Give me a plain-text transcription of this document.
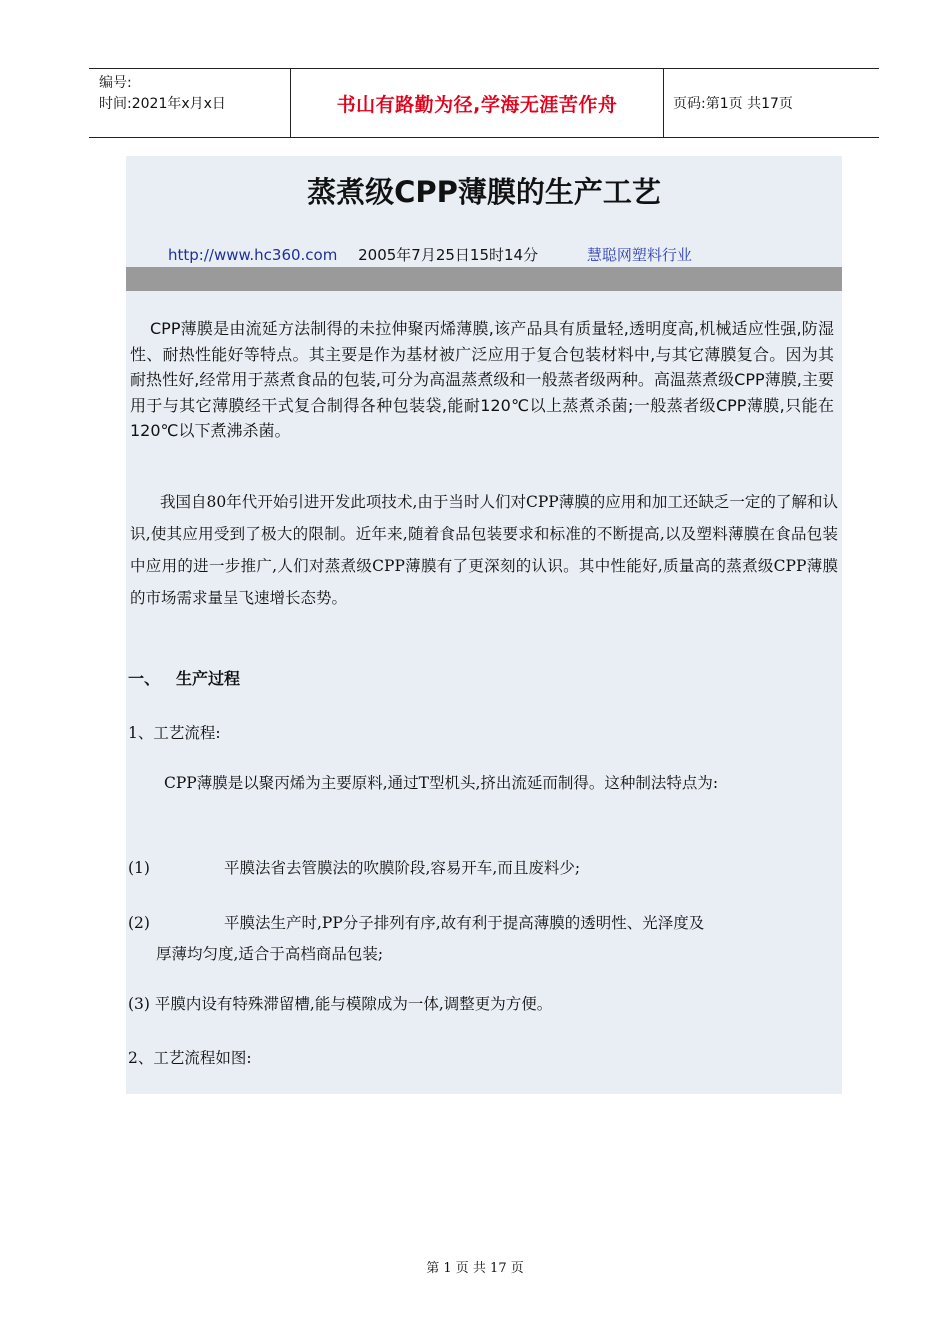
编号:
时间:2021年x月x日	书山有路勤为径,学海无涯苦作舟	页码:第1页 共17页
蒸煮级CPP薄膜的生产工艺
http://www.hc360.com 2005年7月25日15时14分	慧聪网塑料行业

CPP薄膜是由流延方法制得的未拉伸聚丙烯薄膜,该产品具有质量轻,透明度高,机械适应性强,防湿性、耐热性能好等特点。其主要是作为基材被广泛应用于复合包装材料中,与其它薄膜复合。因为其耐热性好,经常用于蒸煮食品的包装,可分为高温蒸煮级和一般蒸者级两种。高温蒸煮级CPP薄膜,主要用于与其它薄膜经干式复合制得各种包装袋,能耐120℃以上蒸煮杀菌;一般蒸者级CPP薄膜,只能在120℃以下煮沸杀菌。

我国自80年代开始引进开发此项技术,由于当时人们对CPP薄膜的应用和加工还缺乏一定的了解和认识,使其应用受到了极大的限制。近年来,随着食品包装要求和标准的不断提高,以及塑料薄膜在食品包装中应用的进一步推广,人们对蒸煮级CPP薄膜有了更深刻的认识。其中性能好,质量高的蒸煮级CPP薄膜的市场需求量呈飞速增长态势。

一、 生产过程
1、工艺流程:

CPP薄膜是以聚丙烯为主要原料,通过T型机头,挤出流延而制得。这种制法特点为:

(1)	平膜法省去管膜法的吹膜阶段,容易开车,而且废料少;
(2)	平膜法生产时,PP分子排列有序,故有利于提高薄膜的透明性、光泽度及
厚薄均匀度,适合于高档商品包装;
(3) 平膜内设有特殊滞留槽,能与模隙成为一体,调整更为方便。
2、工艺流程如图:
第 1 页 共 17 页
